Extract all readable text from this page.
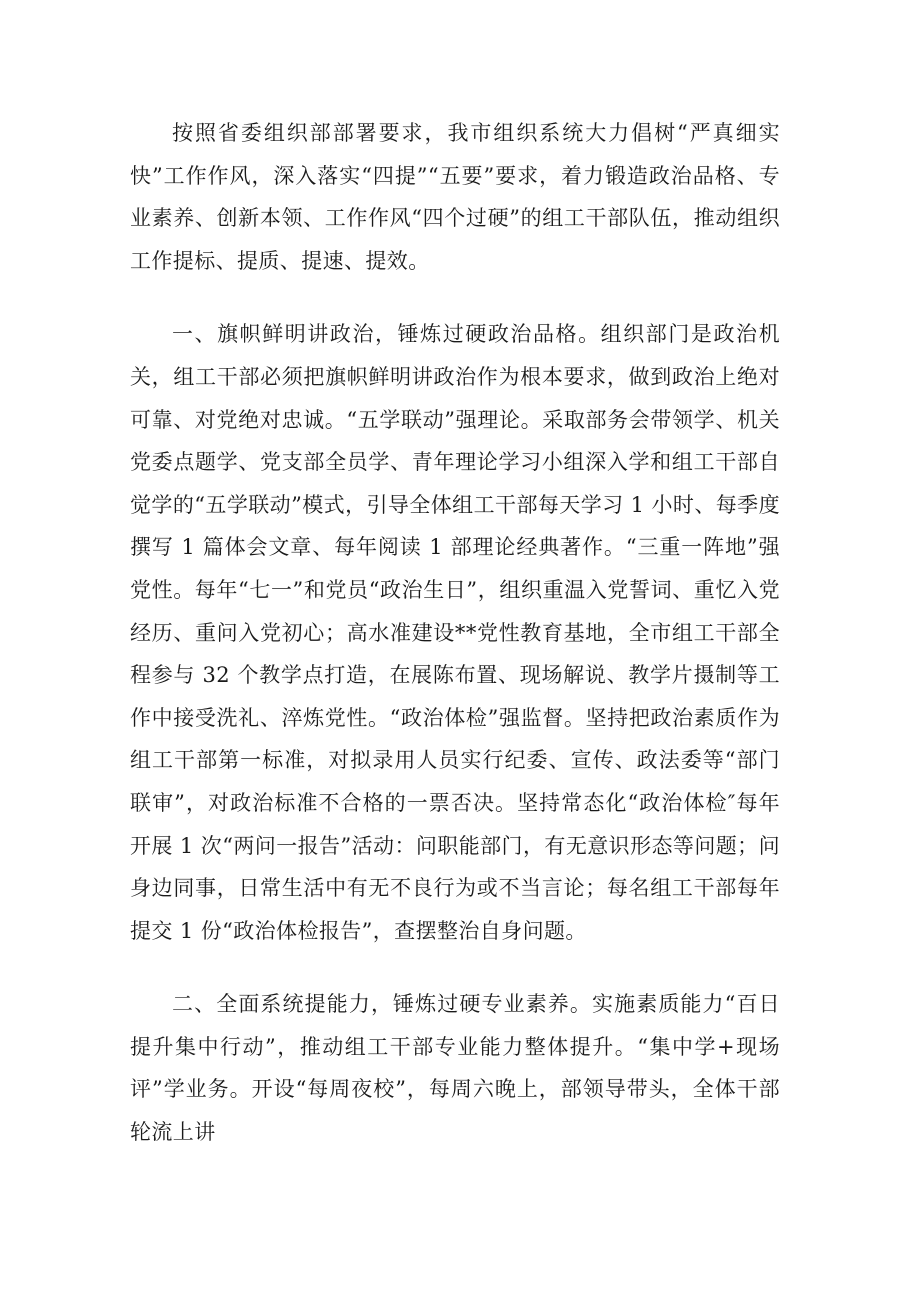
按照省委组织部部署要求，我市组织系统大力倡树“严真细实快”工作作风，深入落实“四提”“五要”要求，着力锻造政治品格、专业素养、创新本领、工作作风“四个过硬”的组工干部队伍，推动组织工作提标、提质、提速、提效。

一、旗帜鲜明讲政治，锤炼过硬政治品格。组织部门是政治机关，组工干部必须把旗帜鲜明讲政治作为根本要求，做到政治上绝对可靠、对党绝对忠诚。“五学联动”强理论。采取部务会带领学、机关党委点题学、党支部全员学、青年理论学习小组深入学和组工干部自觉学的“五学联动”模式，引导全体组工干部每天学习 1 小时、每季度撰写 1 篇体会文章、每年阅读 1 部理论经典著作。“三重一阵地”强党性。每年“七一”和党员“政治生日”，组织重温入党誓词、重忆入党经历、重问入党初心；高水准建设**党性教育基地，全市组工干部全程参与 32 个教学点打造，在展陈布置、现场解说、教学片摄制等工作中接受洗礼、淬炼党性。“政治体检”强监督。坚持把政治素质作为组工干部第一标准，对拟录用人员实行纪委、宣传、政法委等“部门联审”，对政治标准不合格的一票否决。坚持常态化“政治体检″每年开展 1 次“两问一报告”活动：问职能部门，有无意识形态等问题；问身边同事，日常生活中有无不良行为或不当言论；每名组工干部每年提交 1 份“政治体检报告”，查摆整治自身问题。

二、全面系统提能力，锤炼过硬专业素养。实施素质能力“百日提升集中行动”，推动组工干部专业能力整体提升。“集中学+现场评”学业务。开设“每周夜校”，每周六晚上，部领导带头，全体干部轮流上讲
